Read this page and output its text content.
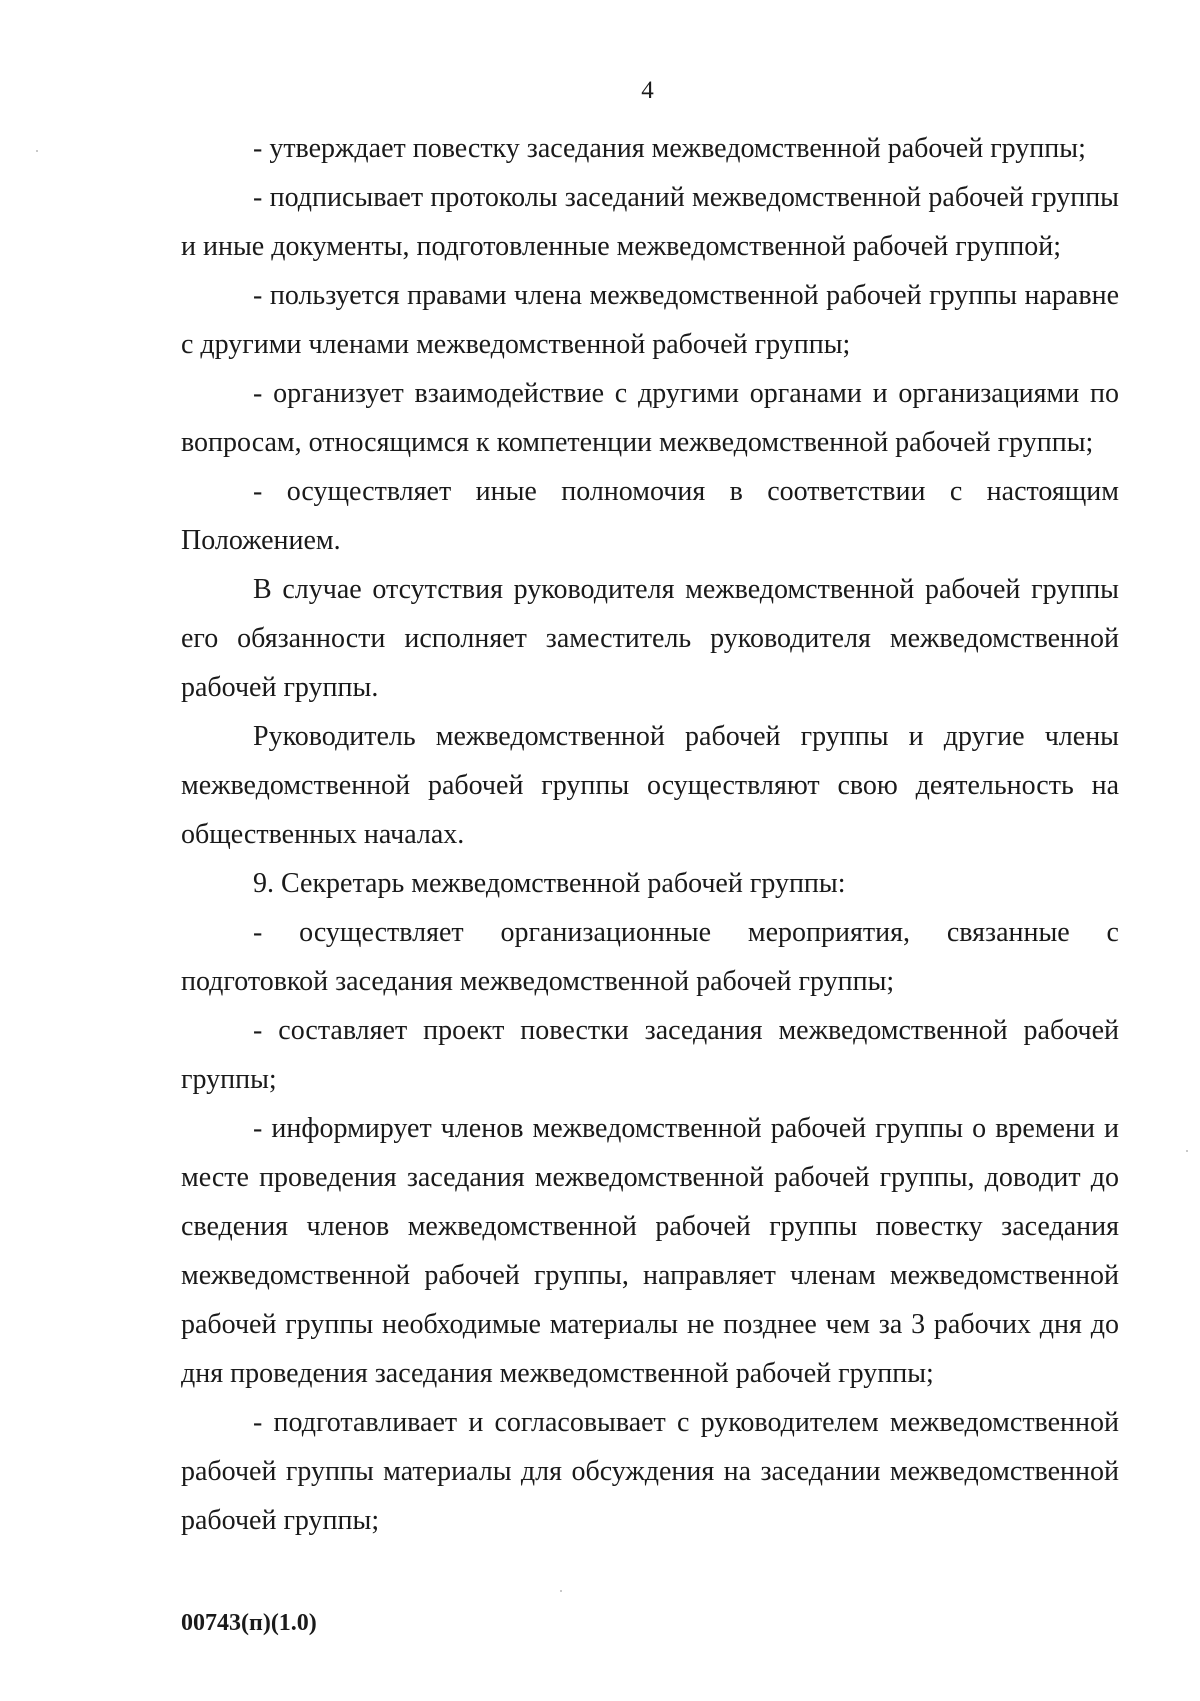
4

- утверждает повестку заседания межведомственной рабочей группы;

- подписывает протоколы заседаний межведомственной рабочей группы и иные документы, подготовленные межведомственной рабочей группой;

- пользуется правами члена межведомственной рабочей группы наравне с другими членами межведомственной рабочей группы;

- организует взаимодействие с другими органами и организациями по вопросам, относящимся к компетенции межведомственной рабочей группы;

- осуществляет иные полномочия в соответствии с настоящим Положением.

В случае отсутствия руководителя межведомственной рабочей группы его обязанности исполняет заместитель руководителя межведомственной рабочей группы.

Руководитель межведомственной рабочей группы и другие члены межведомственной рабочей группы осуществляют свою деятельность на общественных началах.

9. Секретарь межведомственной рабочей группы:

- осуществляет организационные мероприятия, связанные с подготовкой заседания межведомственной рабочей группы;

- составляет проект повестки заседания межведомственной рабочей группы;

- информирует членов межведомственной рабочей группы о времени и месте проведения заседания межведомственной рабочей группы, доводит до сведения членов межведомственной рабочей группы повестку заседания межведомственной рабочей группы, направляет членам межведомственной рабочей группы необходимые материалы не позднее чем за 3 рабочих дня до дня проведения заседания межведомственной рабочей группы;

- подготавливает и согласовывает с руководителем межведомственной рабочей группы материалы для обсуждения на заседании межведомственной рабочей группы;

00743(п)(1.0)
